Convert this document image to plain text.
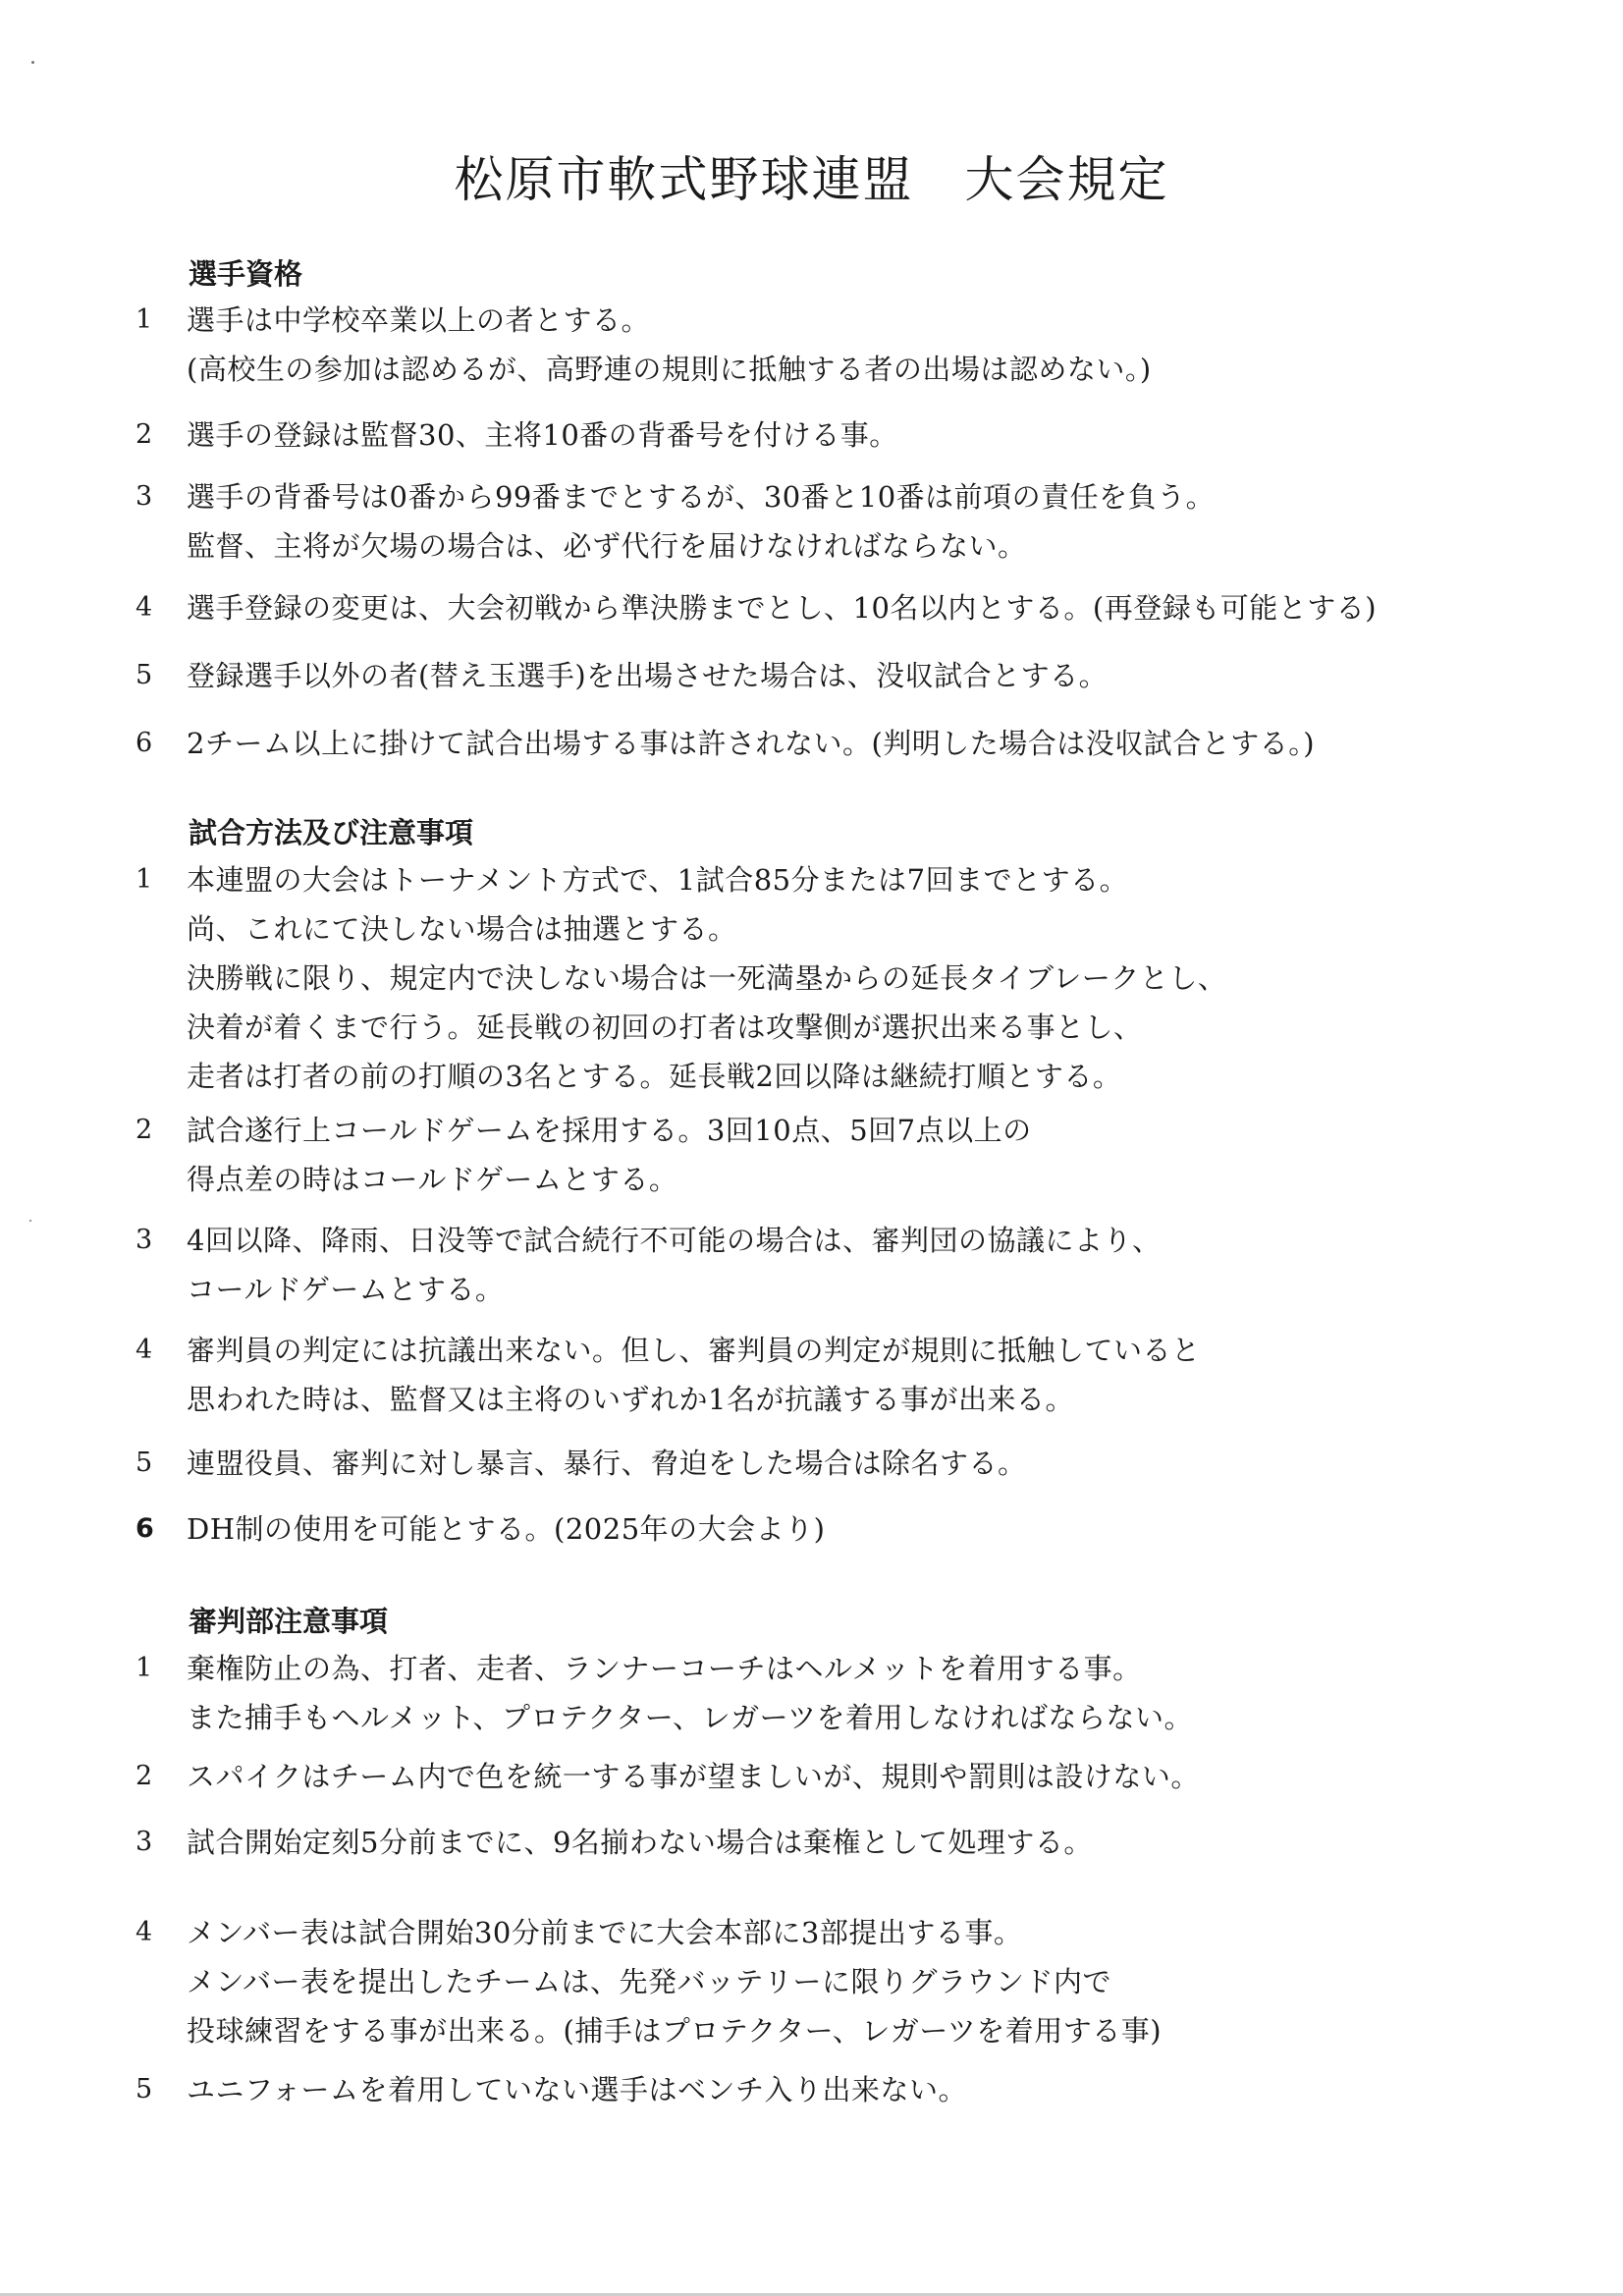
松原市軟式野球連盟　大会規定
選手資格
1 選手は中学校卒業以上の者とする。
(高校生の参加は認めるが、高野連の規則に抵触する者の出場は認めない。)
2 選手の登録は監督30、主将10番の背番号を付ける事。
3 選手の背番号は0番から99番までとするが、30番と10番は前項の責任を負う。
監督、主将が欠場の場合は、必ず代行を届けなければならない。
4 選手登録の変更は、大会初戦から準決勝までとし、10名以内とする。(再登録も可能とする)
5 登録選手以外の者(替え玉選手)を出場させた場合は、没収試合とする。
6 2チーム以上に掛けて試合出場する事は許されない。(判明した場合は没収試合とする。)
試合方法及び注意事項
1 本連盟の大会はトーナメント方式で、1試合85分または7回までとする。
尚、これにて決しない場合は抽選とする。
決勝戦に限り、規定内で決しない場合は一死満塁からの延長タイブレークとし、
決着が着くまで行う。延長戦の初回の打者は攻撃側が選択出来る事とし、
走者は打者の前の打順の3名とする。延長戦2回以降は継続打順とする。
2 試合遂行上コールドゲームを採用する。3回10点、5回7点以上の
得点差の時はコールドゲームとする。
3 4回以降、降雨、日没等で試合続行不可能の場合は、審判団の協議により、
コールドゲームとする。
4 審判員の判定には抗議出来ない。但し、審判員の判定が規則に抵触していると
思われた時は、監督又は主将のいずれか1名が抗議する事が出来る。
5 連盟役員、審判に対し暴言、暴行、脅迫をした場合は除名する。
6 DH制の使用を可能とする。(2025年の大会より)
審判部注意事項
1 棄権防止の為、打者、走者、ランナーコーチはヘルメットを着用する事。
また捕手もヘルメット、プロテクター、レガーツを着用しなければならない。
2 スパイクはチーム内で色を統一する事が望ましいが、規則や罰則は設けない。
3 試合開始定刻5分前までに、9名揃わない場合は棄権として処理する。
4 メンバー表は試合開始30分前までに大会本部に3部提出する事。
メンバー表を提出したチームは、先発バッテリーに限りグラウンド内で
投球練習をする事が出来る。(捕手はプロテクター、レガーツを着用する事)
5 ユニフォームを着用していない選手はベンチ入り出来ない。
